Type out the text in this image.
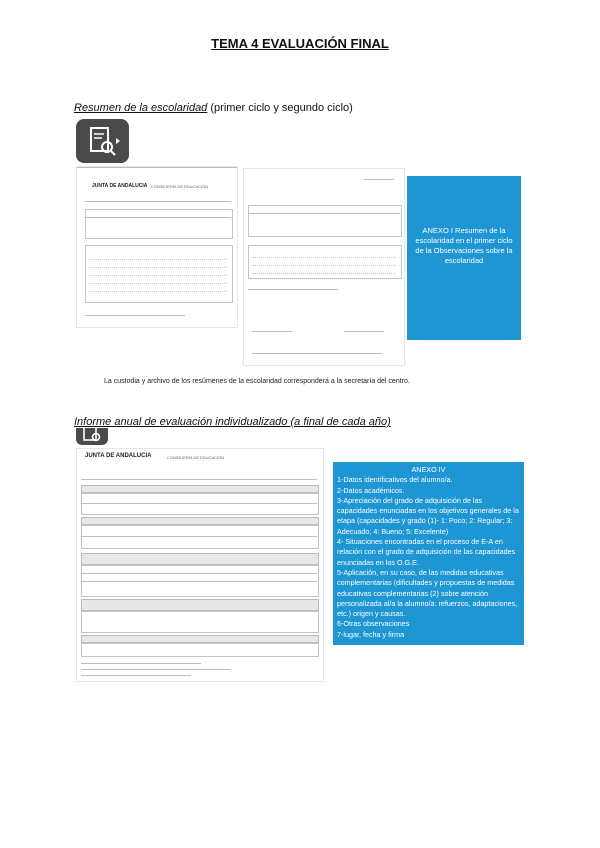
TEMA 4 EVALUACIÓN FINAL
Resumen de la escolaridad (primer ciclo y segundo ciclo)
JUNTA DE ANDALUCIA CONSEJERÍA DE EDUCACIÓN
ANEXO I Resumen de la escolaridad en el primer ciclo de la Observaciones sobre la escolaridad
La custodia y archivo de los resúmenes de la escolaridad corresponderá a la secretaría del centro.
Informe anual de evaluación individualizado (a final de cada año)
JUNTA DE ANDALUCIA	CONSEJERÍA DE EDUCACIÓN
ANEXO IV
1-Datos identificativos del alumno/a.
2-Datos académicos.
3-Apreciación del grado de adquisición de las capacidades enunciadas en los objetivos generales de la etapa (capacidades y grado (1)- 1: Poco; 2: Regular; 3: Adecuado; 4: Bueno; 5: Excelente)
4- Situaciones encontradas en el proceso de E-A en relación con el grado de adquisición de las capacidades enunciadas en los O.G.E.
5-Aplicación, en su caso, de las medidas educativas complementarias (dificultades y propuestas de medidas educativas complementarias (2) sobre atención personalizada al/a la alumno/a: refuerzos, adaptaciones, etc.) origen y causas.
6-Otras observaciones
7-lugar, fecha y firma
